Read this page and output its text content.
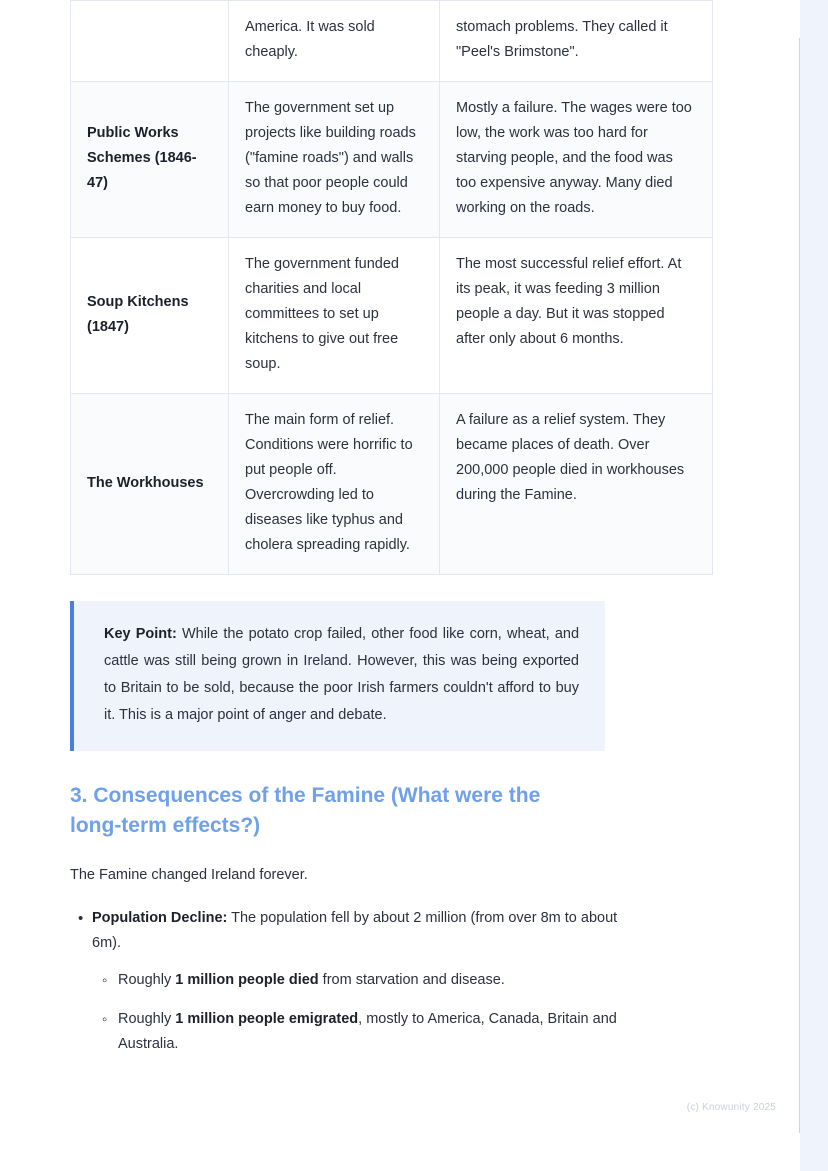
	America. It was sold cheaply.	stomach problems. They called it "Peel's Brimstone".
Public Works Schemes (1846-47)	The government set up projects like building roads ("famine roads") and walls so that poor people could earn money to buy food.	Mostly a failure. The wages were too low, the work was too hard for starving people, and the food was too expensive anyway. Many died working on the roads.
Soup Kitchens (1847)	The government funded charities and local committees to set up kitchens to give out free soup.	The most successful relief effort. At its peak, it was feeding 3 million people a day. But it was stopped after only about 6 months.
The Workhouses	The main form of relief. Conditions were horrific to put people off. Overcrowding led to diseases like typhus and cholera spreading rapidly.	A failure as a relief system. They became places of death. Over 200,000 people died in workhouses during the Famine.
Key Point: While the potato crop failed, other food like corn, wheat, and cattle was still being grown in Ireland. However, this was being exported to Britain to be sold, because the poor Irish farmers couldn't afford to buy it. This is a major point of anger and debate.
3. Consequences of the Famine (What were the long-term effects?)

The Famine changed Ireland forever.

• Population Decline: The population fell by about 2 million (from over 8m to about 6m).
◦ Roughly 1 million people died from starvation and disease.
◦ Roughly 1 million people emigrated, mostly to America, Canada, Britain and Australia.
(c) Knowunity 2025
